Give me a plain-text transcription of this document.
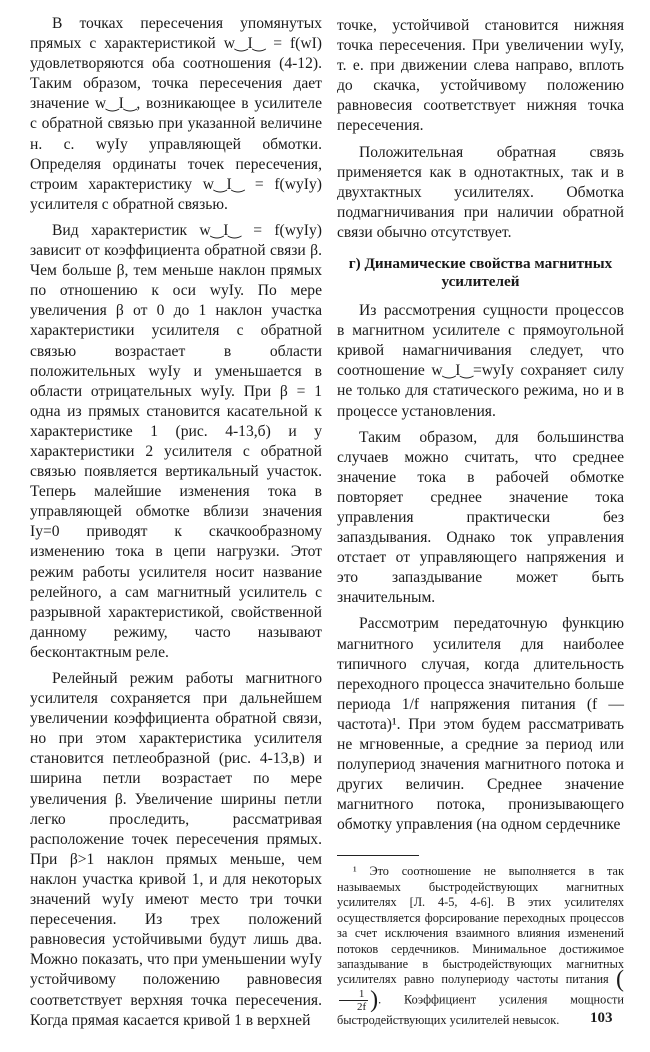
В точках пересечения упомянутых прямых с характеристикой w‿I‿ = f(wI) удовлетворяются оба соотношения (4-12). Таким образом, точка пересечения дает значение w‿I‿, возникающее в усилителе с обратной связью при указанной величине н. с. wуIу управляющей обмотки. Определяя ординаты точек пересечения, строим характеристику w‿I‿ = f(wуIу) усилителя с обратной связью.

Вид характеристик w‿I‿ = f(wуIу) зависит от коэффициента обратной связи β. Чем больше β, тем меньше наклон прямых по отношению к оси wуIу. По мере увеличения β от 0 до 1 наклон участка характеристики усилителя с обратной связью возрастает в области положительных wуIу и уменьшается в области отрицательных wуIу. При β = 1 одна из прямых становится касательной к характеристике 1 (рис. 4-13,б) и у характеристики 2 усилителя с обратной связью появляется вертикальный участок. Теперь малейшие изменения тока в управляющей обмотке вблизи значения Iу=0 приводят к скачкообразному изменению тока в цепи нагрузки. Этот режим работы усилителя носит название релейного, а сам магнитный усилитель с разрывной характеристикой, свойственной данному режиму, часто называют бесконтактным реле.

Релейный режим работы магнитного усилителя сохраняется при дальнейшем увеличении коэффициента обратной связи, но при этом характеристика усилителя становится петлеобразной (рис. 4-13,в) и ширина петли возрастает по мере увеличения β. Увеличение ширины петли легко проследить, рассматривая расположение точек пересечения прямых. При β>1 наклон прямых меньше, чем наклон участка кривой 1, и для некоторых значений wуIу имеют место три точки пересечения. Из трех положений равновесия устойчивыми будут лишь два. Можно показать, что при уменьшении wуIу устойчивому положению равновесия соответствует верхняя точка пересечения. Когда прямая касается кривой 1 в верхней

точке, устойчивой становится нижняя точка пересечения. При увеличении wуIу, т. е. при движении слева направо, вплоть до скачка, устойчивому положению равновесия соответствует нижняя точка пересечения.

Положительная обратная связь применяется как в однотактных, так и в двухтактных усилителях. Обмотка подмагничивания при наличии обратной связи обычно отсутствует.

г) Динамические свойства магнитных усилителей

Из рассмотрения сущности процессов в магнитном усилителе с прямоугольной кривой намагничивания следует, что соотношение w‿I‿=wуIу сохраняет силу не только для статического режима, но и в процессе установления.

Таким образом, для большинства случаев можно считать, что среднее значение тока в рабочей обмотке повторяет среднее значение тока управления практически без запаздывания. Однако ток управления отстает от управляющего напряжения и это запаздывание может быть значительным.

Рассмотрим передаточную функцию магнитного усилителя для наиболее типичного случая, когда длительность переходного процесса значительно больше периода 1/f напряжения питания (f — частота)¹. При этом будем рассматривать не мгновенные, а средние за период или полупериод значения магнитного потока и других величин. Среднее значение магнитного потока, пронизывающего обмотку управления (на одном сердечнике

¹ Это соотношение не выполняется в так называемых быстродействующих магнитных усилителях [Л. 4-5, 4-6]. В этих усилителях осуществляется форсирование переходных процессов за счет исключения взаимного влияния изменений потоков сердечников. Минимальное достижимое запаздывание в быстродействующих магнитных усилителях равно полупериоду частоты питания (
$\frac{1}{2f}$ ). Коэффициент усиления мощности быстродействующих усилителей невысок.	103
